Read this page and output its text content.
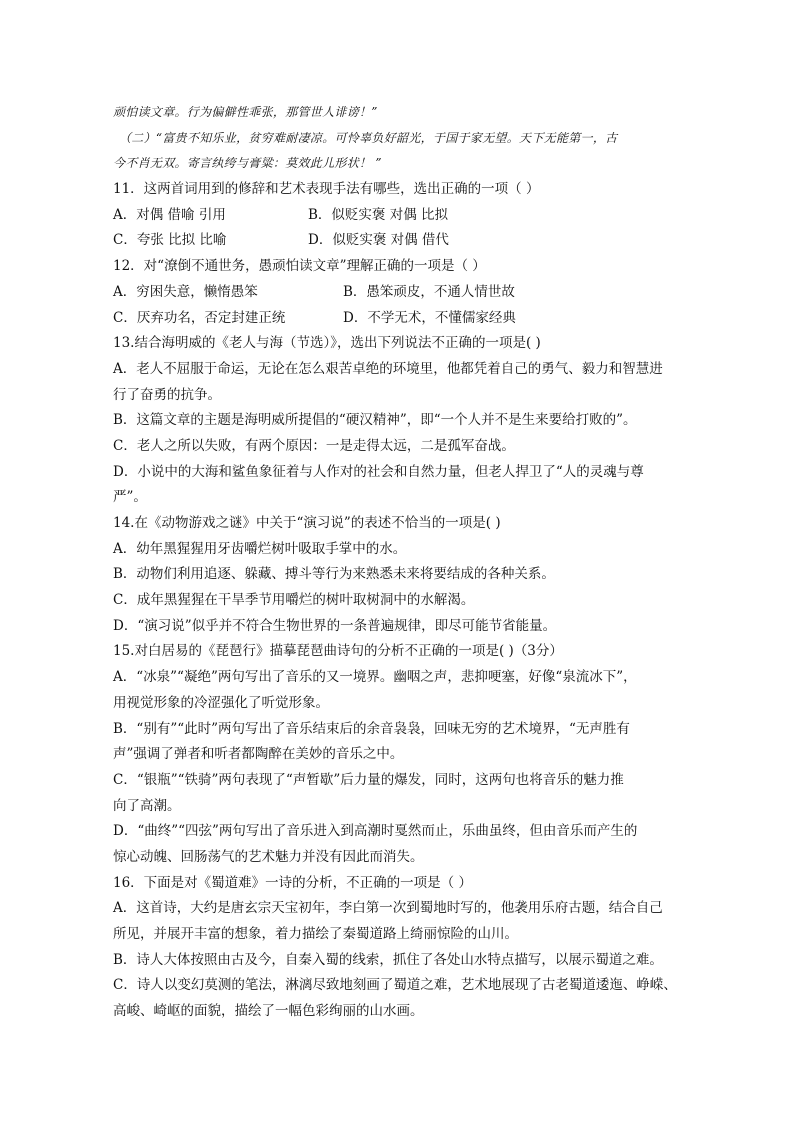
顽怕读文章。行为偏僻性乖张，那管世人诽谤！”
（二）“富贵不知乐业，贫穷难耐凄凉。可怜辜负好韶光，于国于家无望。天下无能第一，古
今不肖无双。寄言纨绔与膏粱：莫效此儿形状！ ”
11．这两首词用到的修辞和艺术表现手法有哪些，选出正确的一项（ ）
A．对偶 借喻 引用	B．似贬实褒 对偶 比拟
C．夸张 比拟 比喻	D．似贬实褒 对偶 借代
12．对“潦倒不通世务，愚顽怕读文章”理解正确的一项是（ ）
A．穷困失意，懒惰愚笨	B．愚笨顽皮，不通人情世故
C．厌弃功名，否定封建正统	D．不学无术，不懂儒家经典
13.结合海明威的《老人与海（节选）》，选出下列说法不正确的一项是( )
A．老人不屈服于命运，无论在怎么艰苦卓绝的环境里，他都凭着自己的勇气、毅力和智慧进
行了奋勇的抗争。
B．这篇文章的主题是海明威所提倡的“硬汉精神”，即“一个人并不是生来要给打败的”。
C．老人之所以失败，有两个原因：一是走得太远，二是孤军奋战。
D．小说中的大海和鲨鱼象征着与人作对的社会和自然力量，但老人捍卫了“人的灵魂与尊
严”。
14.在《动物游戏之谜》中关于“演习说”的表述不恰当的一项是( )
A．幼年黑猩猩用牙齿嚼烂树叶吸取手掌中的水。
B．动物们利用追逐、躲藏、搏斗等行为来熟悉未来将要结成的各种关系。
C．成年黑猩猩在干旱季节用嚼烂的树叶取树洞中的水解渴。
D．“演习说”似乎并不符合生物世界的一条普遍规律，即尽可能节省能量。
15.对白居易的《琵琶行》描摹琵琶曲诗句的分析不正确的一项是( )（3分）
A．“冰泉”“凝绝”两句写出了音乐的又一境界。幽咽之声，悲抑哽塞，好像“泉流冰下”，
用视觉形象的冷涩强化了听觉形象。
B．“别有”“此时”两句写出了音乐结束后的余音袅袅，回味无穷的艺术境界，“无声胜有
声”强调了弹者和听者都陶醉在美妙的音乐之中。
C．“银瓶”“铁骑”两句表现了“声暂歇”后力量的爆发，同时，这两句也将音乐的魅力推
向了高潮。
D．“曲终”“四弦”两句写出了音乐进入到高潮时戛然而止，乐曲虽终，但由音乐而产生的
惊心动魄、回肠荡气的艺术魅力并没有因此而消失。
16．下面是对《蜀道难》一诗的分析，不正确的一项是（ ）
A．这首诗，大约是唐玄宗天宝初年，李白第一次到蜀地时写的，他袭用乐府古题，结合自己
所见，并展开丰富的想象，着力描绘了秦蜀道路上绮丽惊险的山川。
B．诗人大体按照由古及今，自秦入蜀的线索，抓住了各处山水特点描写，以展示蜀道之难。
C．诗人以变幻莫测的笔法，淋漓尽致地刻画了蜀道之难，艺术地展现了古老蜀道逶迤、峥嵘、
高峻、崎岖的面貌，描绘了一幅色彩绚丽的山水画。
